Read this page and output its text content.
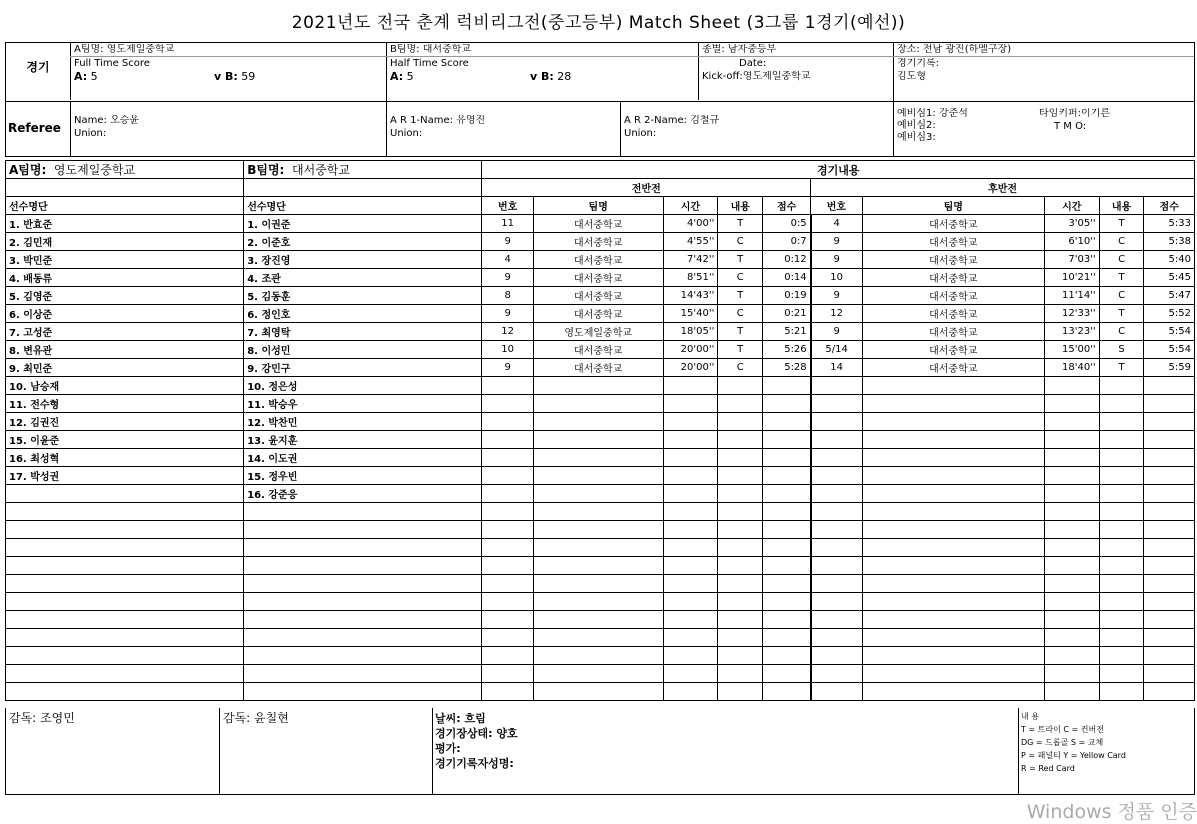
2021년도 전국 춘계 럭비리그전(중고등부) Match Sheet (3그룹 1경기(예선))
경기
A팀명: 영도제일중학교	B팀명: 대서중학교	종별: 남자중등부	장소: 전남 광진(하멜구장)
Full Time Score
A: 5	v B: 59
Half Time Score
A: 5	v B: 28
Date:
Kick-off:영도제일중학교
경기기록:
김도형
Referee
Name: 오승윤
Union:
A R 1-Name: 유영진
Union:
A R 2-Name: 김철규
Union:
예비심1: 강준석
예비심2:
예비심3:
타임키퍼:이기른
T M O:
A팀명: 영도제일중학교	B팀명: 대서중학교	경기내용									
		전반전					후반전				
선수명단	선수명단	번호	팀명	시간	내용	점수	번호	팀명	시간	내용	점수
1. 반효준	1. 이권준	11	대서중학교	4'00''	T	0:5	4	대서중학교	3'05''	T	5:33
2. 김민재	2. 이준호	9	대서중학교	4'55''	C	0:7	9	대서중학교	6'10''	C	5:38
3. 박민준	3. 장진영	4	대서중학교	7'42''	T	0:12	9	대서중학교	7'03''	C	5:40
4. 배동류	4. 조관	9	대서중학교	8'51''	C	0:14	10	대서중학교	10'21''	T	5:45
5. 김영준	5. 김동훈	8	대서중학교	14'43''	T	0:19	9	대서중학교	11'14''	C	5:47
6. 이상준	6. 정인호	9	대서중학교	15'40''	C	0:21	12	대서중학교	12'33''	T	5:52
7. 고성준	7. 최영탁	12	영도제일중학교	18'05''	T	5:21	9	대서중학교	13'23''	C	5:54
8. 변유관	8. 이성민	10	대서중학교	20'00''	T	5:26	5/14	대서중학교	15'00''	S	5:54
9. 최민준	9. 강민구	9	대서중학교	20'00''	C	5:28	14	대서중학교	18'40''	T	5:59
10. 남승재	10. 정은성										
11. 전수형	11. 박승우										
12. 김권진	12. 박찬민										
15. 이윤준	13. 윤지훈										
16. 최성혁	14. 이도권										
17. 박성권	15. 정우빈										
	16. 강준응										

감독: 조영민	감독: 윤칠현	날씨: 흐림
경기장상태: 양호
평가:
경기기록자성명:
내 용
T = 트라이 C = 컨버젼
DG = 드롭골 S = 교체
P = 패널티 Y = Yellow Card
R = Red Card
Windows 정품 인증
